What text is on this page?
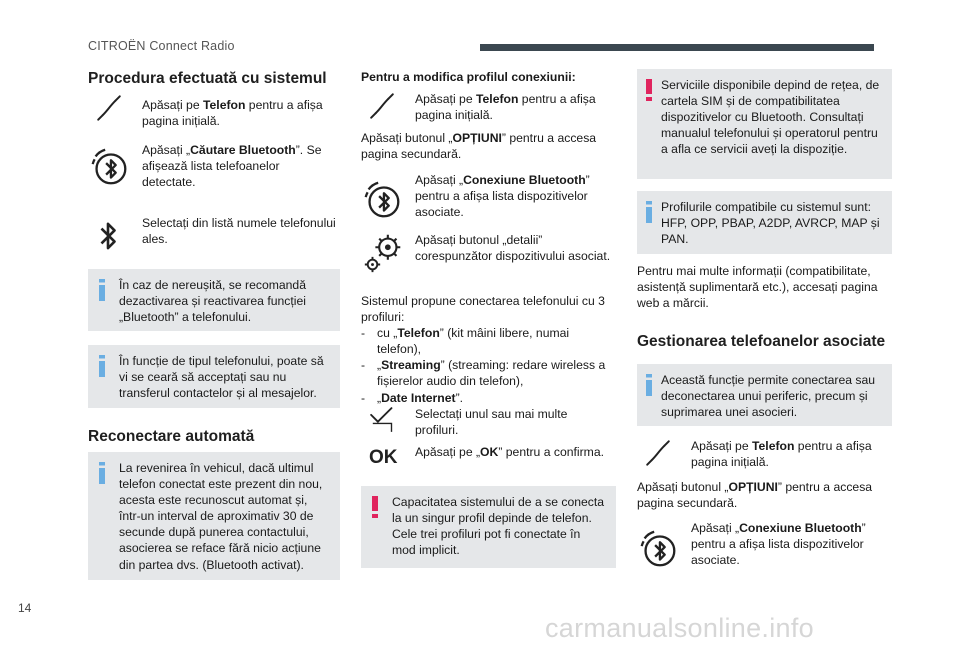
CITROËN Connect Radio
Procedura efectuată cu sistemul
Apăsați pe Telefon pentru a afișa pagina inițială.
Apăsați „Căutare Bluetooth”. Se afișează lista telefoanelor detectate.
Selectați din listă numele telefonului ales.
În caz de nereușită, se recomandă dezactivarea și reactivarea funcției „Bluetooth” a telefonului.
În funcție de tipul telefonului, poate să vi se ceară să acceptați sau nu transferul contactelor și al mesajelor.
Reconectare automată
La revenirea în vehicul, dacă ultimul telefon conectat este prezent din nou, acesta este recunoscut automat și, într-un interval de aproximativ 30 de secunde după punerea contactului, asocierea se reface fără nicio acțiune din partea dvs. (Bluetooth activat).
Pentru a modifica profilul conexiunii:
Apăsați pe Telefon pentru a afișa pagina inițială.
Apăsați butonul „OPȚIUNI” pentru a accesa pagina secundară.
Apăsați „Conexiune Bluetooth” pentru a afișa lista dispozitivelor asociate.
Apăsați butonul „detalii” corespunzător dispozitivului asociat.
Sistemul propune conectarea telefonului cu 3 profiluri:
- cu „Telefon” (kit mâini libere, numai telefon),
- „Streaming” (streaming: redare wireless a fișierelor audio din telefon),
- „Date Internet”.
Selectați unul sau mai multe profiluri.
OK Apăsați pe „OK” pentru a confirma.
Capacitatea sistemului de a se conecta la un singur profil depinde de telefon. Cele trei profiluri pot fi conectate în mod implicit.
Serviciile disponibile depind de rețea, de cartela SIM și de compatibilitatea dispozitivelor cu Bluetooth. Consultați manualul telefonului și operatorul pentru a afla ce servicii aveți la dispoziție.
Profilurile compatibile cu sistemul sunt: HFP, OPP, PBAP, A2DP, AVRCP, MAP și PAN.
Pentru mai multe informații (compatibilitate, asistență suplimentară etc.), accesați pagina web a mărcii.
Gestionarea telefoanelor asociate
Această funcție permite conectarea sau deconectarea unui periferic, precum și suprimarea unei asocieri.
Apăsați pe Telefon pentru a afișa pagina inițială.
Apăsați butonul „OPȚIUNI” pentru a accesa pagina secundară.
Apăsați „Conexiune Bluetooth” pentru a afișa lista dispozitivelor asociate.
14
carmanualsonline.info
